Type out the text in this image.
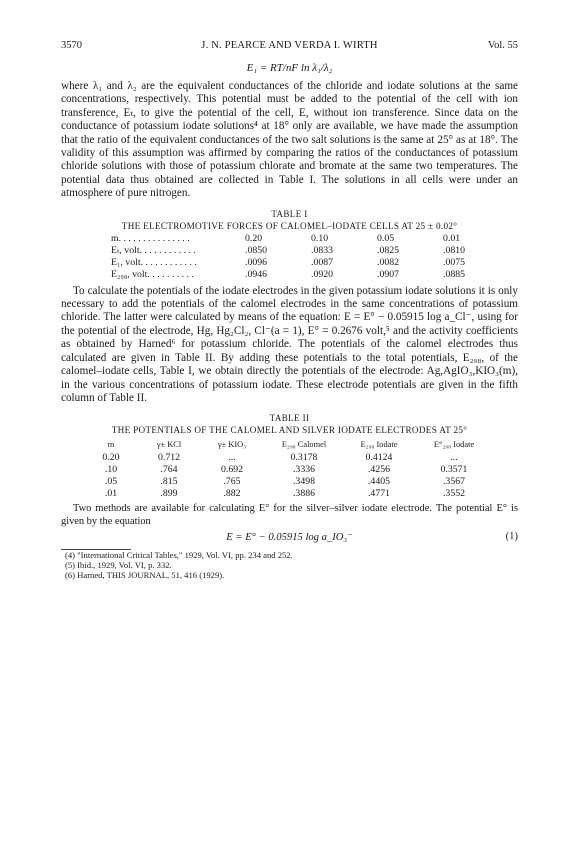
3570	J. N. PEARCE AND VERDA I. WIRTH	Vol. 55
E₁ = RT/nF ln λ₁/λ₂

where λ₁ and λ₂ are the equivalent conductances of the chloride and iodate solutions at the same concentrations, respectively. This potential must be added to the potential of the cell with ion transference, Eₜ, to give the potential of the cell, E, without ion transference. Since data on the conductance of potassium iodate solutions⁴ at 18° only are available, we have made the assumption that the ratio of the equivalent conductances of the two salt solutions is the same at 25° as at 18°. The validity of this assumption was affirmed by comparing the ratios of the conductances of potassium chloride solutions with those of potassium chlorate and bromate at the same two temperatures. The potential data thus obtained are collected in Table I. The solutions in all cells were under an atmosphere of pure nitrogen.

TABLE I
THE ELECTROMOTIVE FORCES OF CALOMEL–IODATE CELLS AT 25 ± 0.02°
m. . . . . . . . . . . . . . .	0.20	0.10	0.05	0.01
Eₜ, volt. . . . . . . . . . . .	.0850	.0833	.0825	.0810
E₁, volt. . . . . . . . . . . .	.0096	.0087	.0082	.0075
E₂₉₈, volt. . . . . . . . . .	.0946	.0920	.0907	.0885

To calculate the potentials of the iodate electrodes in the given potassium iodate solutions it is only necessary to add the potentials of the calomel electrodes in the same concentrations of potassium chloride. The latter were calculated by means of the equation: E = E° − 0.05915 log a_Cl⁻, using for the potential of the electrode, Hg, Hg₂Cl₂, Cl⁻(a = 1), E° = 0.2676 volt,⁵ and the activity coefficients as obtained by Harned⁶ for potassium chloride. The potentials of the calomel electrodes thus calculated are given in Table II. By adding these potentials to the total potentials, E₂₉₈, of the calomel–iodate cells, Table I, we obtain directly the potentials of the electrode: Ag,AgIO₃,KIO₃(m), in the various concentrations of potassium iodate. These electrode potentials are given in the fifth column of Table II.

TABLE II
THE POTENTIALS OF THE CALOMEL AND SILVER IODATE ELECTRODES AT 25°
m	γ± KCl	γ± KIO₃	E₂₉₈ Calomel	E₂₉₈ Iodate	E°₂₉₈ Iodate
0.20	0.712	...	0.3178	0.4124	...
.10	.764	0.692	.3336	.4256	0.3571
.05	.815	.765	.3498	.4405	.3567
.01	.899	.882	.3886	.4771	.3552

Two methods are available for calculating E° for the silver–silver iodate electrode. The potential E° is given by the equation

E = E° − 0.05915 log a_IO₃⁻	(1)
(4) "International Critical Tables," 1929, Vol. VI, pp. 234 and 252.
(5) Ibid., 1929, Vol. VI, p. 332.
(6) Harned, THIS JOURNAL, 51, 416 (1929).
